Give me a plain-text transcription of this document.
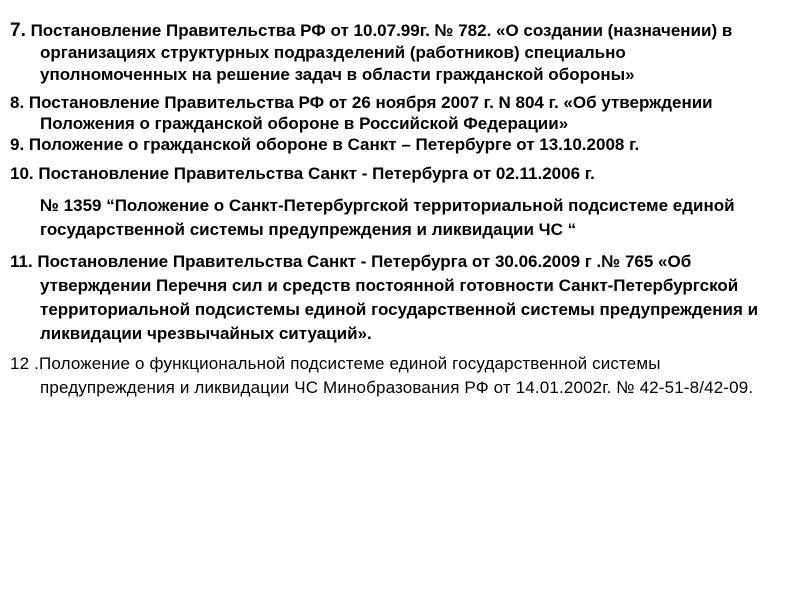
7. Постановление Правительства РФ от 10.07.99г. № 782. «О создании (назначении) в организациях структурных подразделений (работников) специально уполномоченных на решение задач в области гражданской обороны»

8. Постановление Правительства РФ от 26 ноября 2007 г. N 804 г. «Об утверждении Положения о гражданской обороне в Российской Федерации»

9. Положение о гражданской обороне в Санкт – Петербурге от 13.10.2008 г.

10. Постановление Правительства Санкт - Петербурга от 02.11.2006 г.

№ 1359 “Положение о Санкт-Петербургской территориальной подсистеме единой государственной системы предупреждения и ликвидации ЧС “

11. Постановление Правительства Санкт - Петербурга от 30.06.2009 г .№ 765 «Об утверждении Перечня сил и средств постоянной готовности Санкт-Петербургской территориальной подсистемы единой государственной системы предупреждения и ликвидации чрезвычайных ситуаций».

12 .Положение о функциональной подсистеме единой государственной системы предупреждения и ликвидации ЧС Минобразования РФ от 14.01.2002г. № 42-51-8/42-09.
